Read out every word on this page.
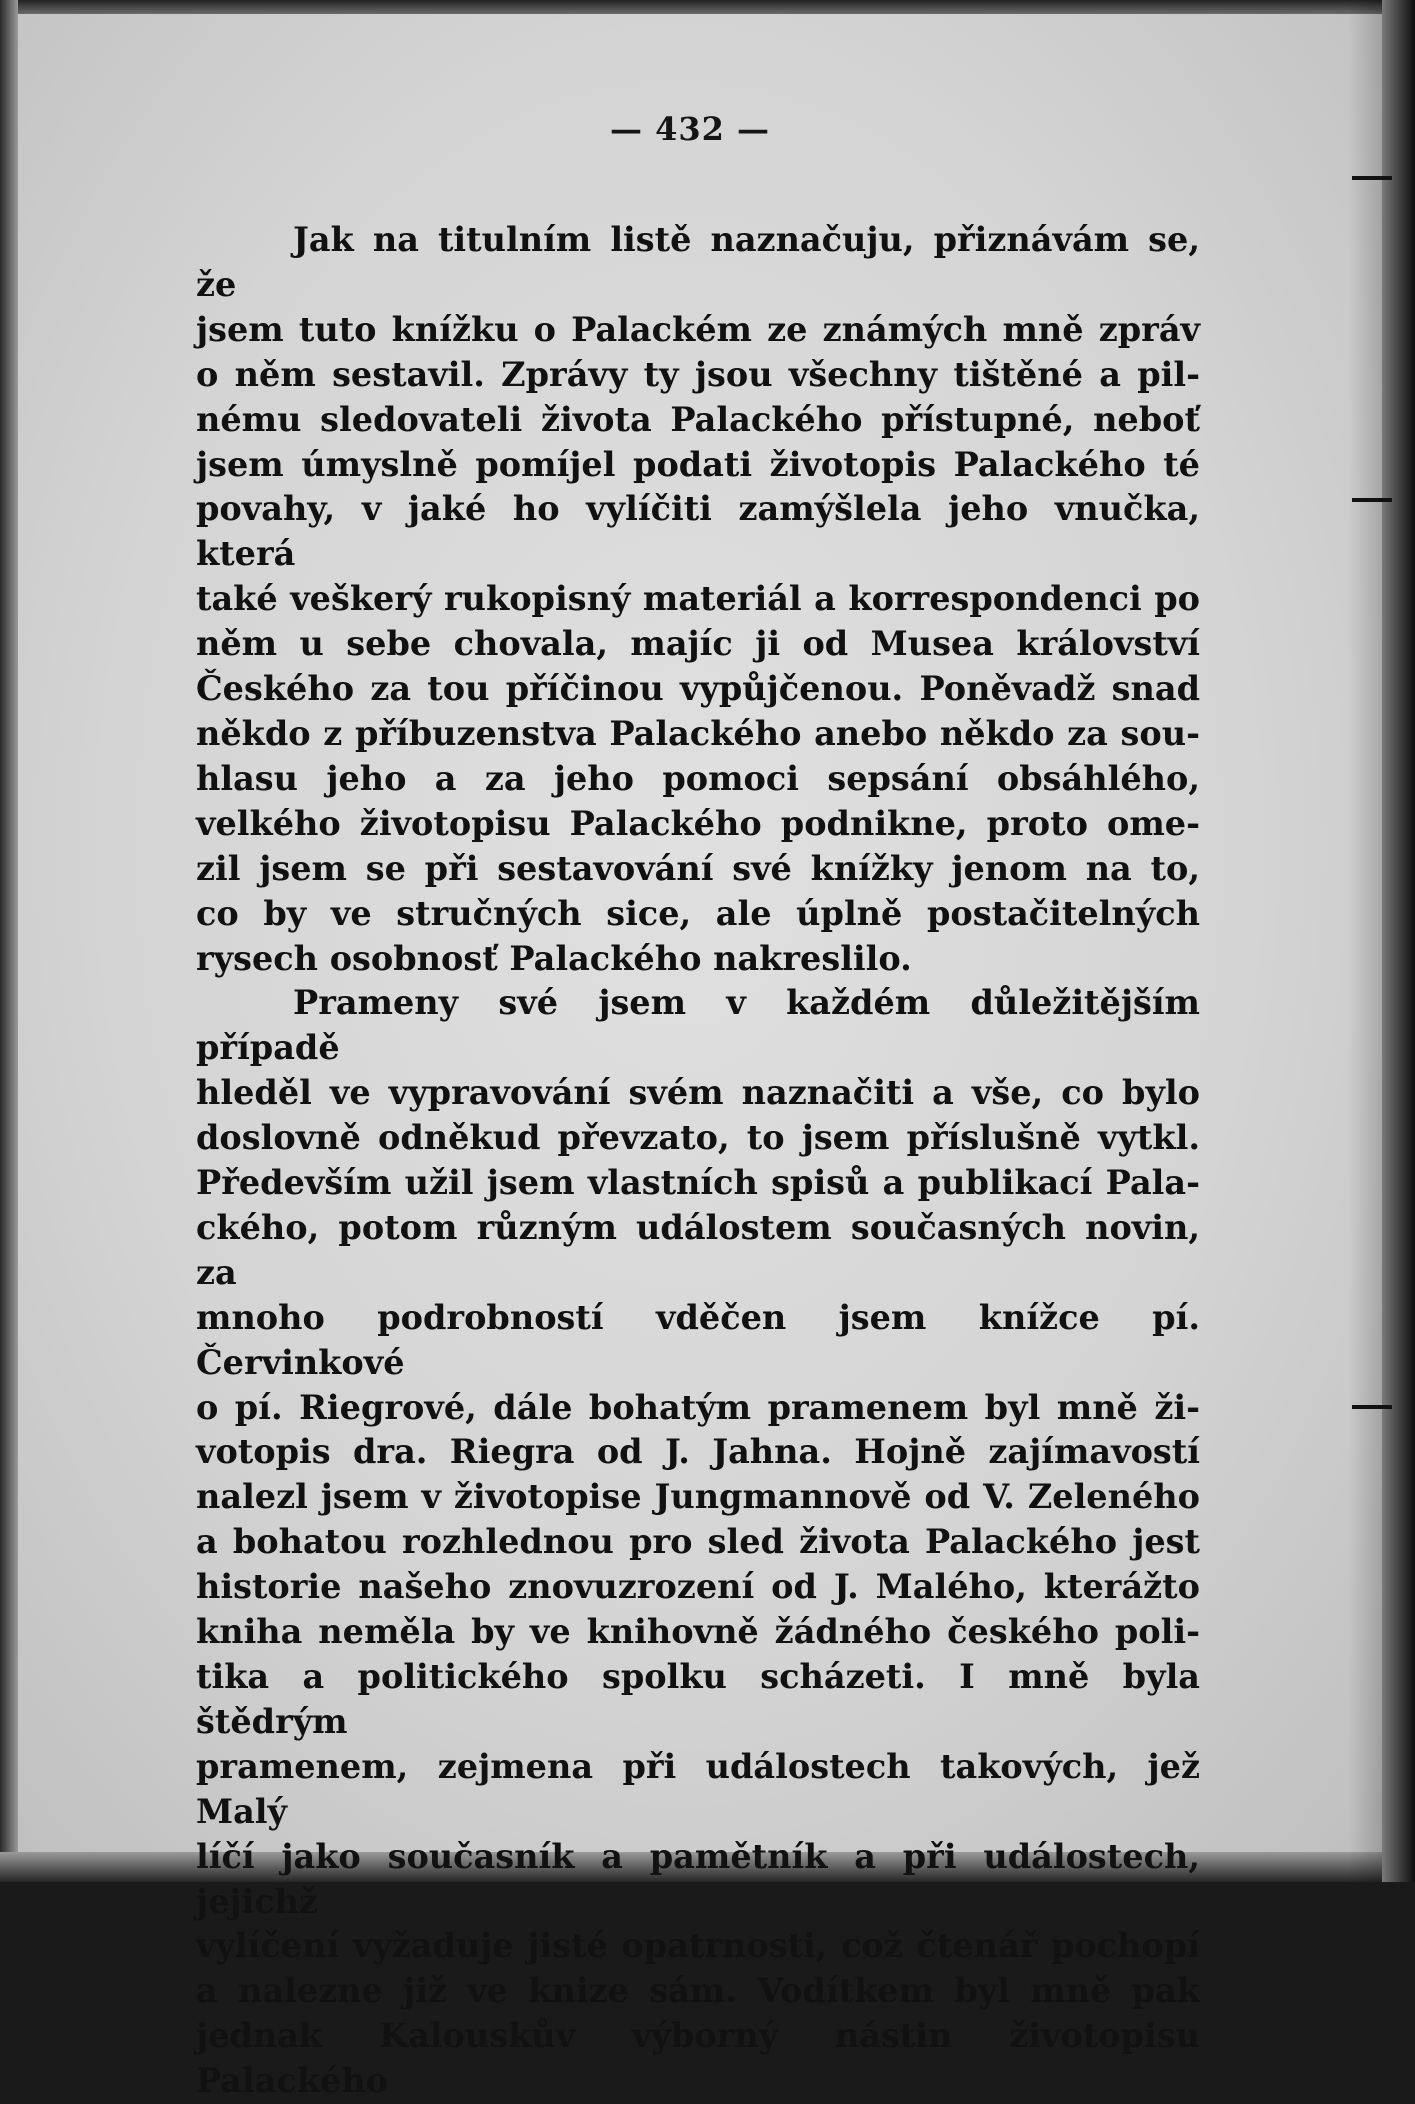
— 432 —

Jak na titulním listě naznačuju, přiznávám se, že

jsem tuto knížku o Palackém ze známých mně zpráv

o něm sestavil. Zprávy ty jsou všechny tištěné a pil-

nému sledovateli života Palackého přístupné, neboť

jsem úmyslně pomíjel podati životopis Palackého té

povahy, v jaké ho vylíčiti zamýšlela jeho vnučka, která

také veškerý rukopisný materiál a korrespondenci po

něm u sebe chovala, majíc ji od Musea království

Českého za tou příčinou vypůjčenou. Poněvadž snad

někdo z příbuzenstva Palackého anebo někdo za sou-

hlasu jeho a za jeho pomoci sepsání obsáhlého,

velkého životopisu Palackého podnikne, proto ome-

zil jsem se při sestavování své knížky jenom na to,

co by ve stručných sice, ale úplně postačitelných

rysech osobnosť Palackého nakreslilo.

Prameny své jsem v každém důležitějším případě

hleděl ve vypravování svém naznačiti a vše, co bylo

doslovně odněkud převzato, to jsem příslušně vytkl.

Především užil jsem vlastních spisů a publikací Pala-

ckého, potom různým událostem současných novin, za

mnoho podrobností vděčen jsem knížce pí. Červinkové

o pí. Riegrové, dále bohatým pramenem byl mně ži-

votopis dra. Riegra od J. Jahna. Hojně zajímavostí

nalezl jsem v životopise Jungmannově od V. Zeleného

a bohatou rozhlednou pro sled života Palackého jest

historie našeho znovuzrození od J. Malého, kterážto

kniha neměla by ve knihovně žádného českého poli-

tika a politického spolku scházeti. I mně byla štědrým

pramenem, zejmena při událostech takových, jež Malý

líčí jako současník a pamětník a při událostech, jejichž

vylíčení vyžaduje jisté opatrnosti, což čtenář pochopí

a nalezne již ve knize sám. Vodítkem byl mně pak

jednak Kalouskův výborný nástin životopisu Palackého
